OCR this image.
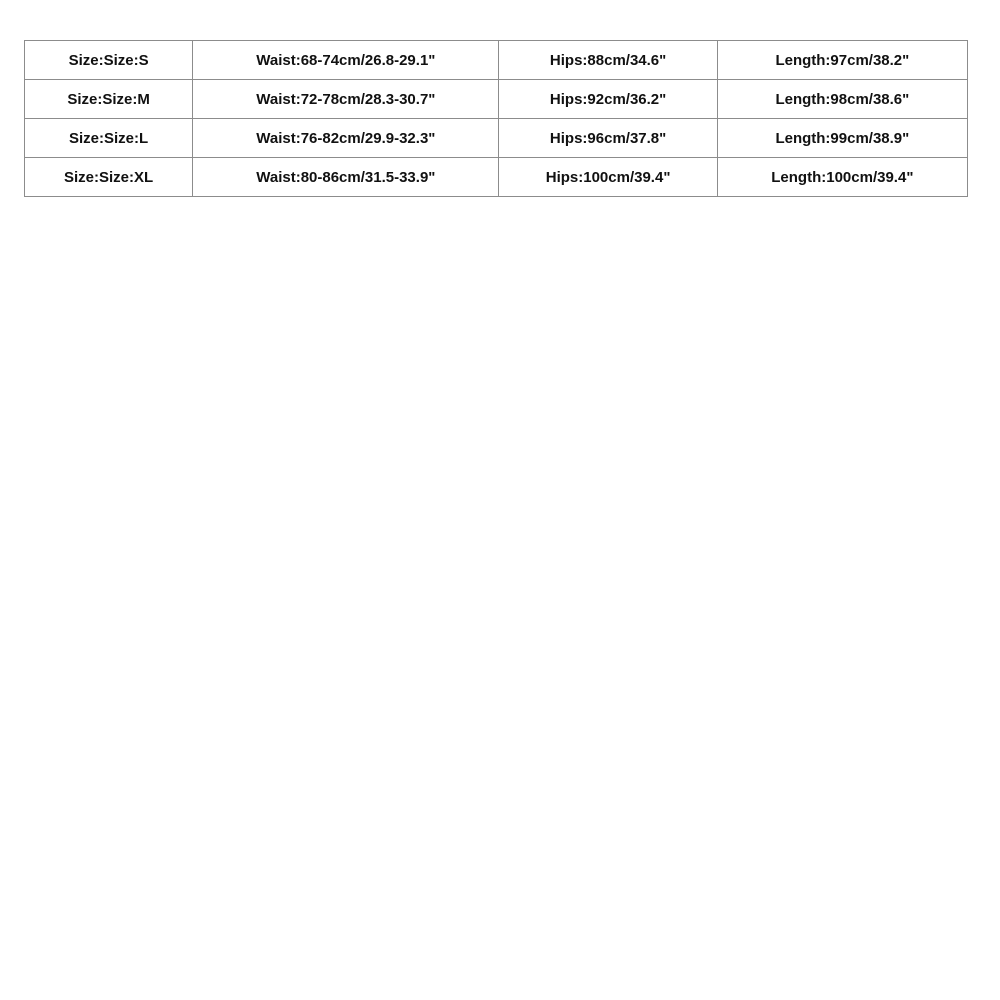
Size:Size:S	Waist:68-74cm/26.8-29.1"	Hips:88cm/34.6"	Length:97cm/38.2"
Size:Size:M	Waist:72-78cm/28.3-30.7"	Hips:92cm/36.2"	Length:98cm/38.6"
Size:Size:L	Waist:76-82cm/29.9-32.3"	Hips:96cm/37.8"	Length:99cm/38.9"
Size:Size:XL	Waist:80-86cm/31.5-33.9"	Hips:100cm/39.4"	Length:100cm/39.4"
